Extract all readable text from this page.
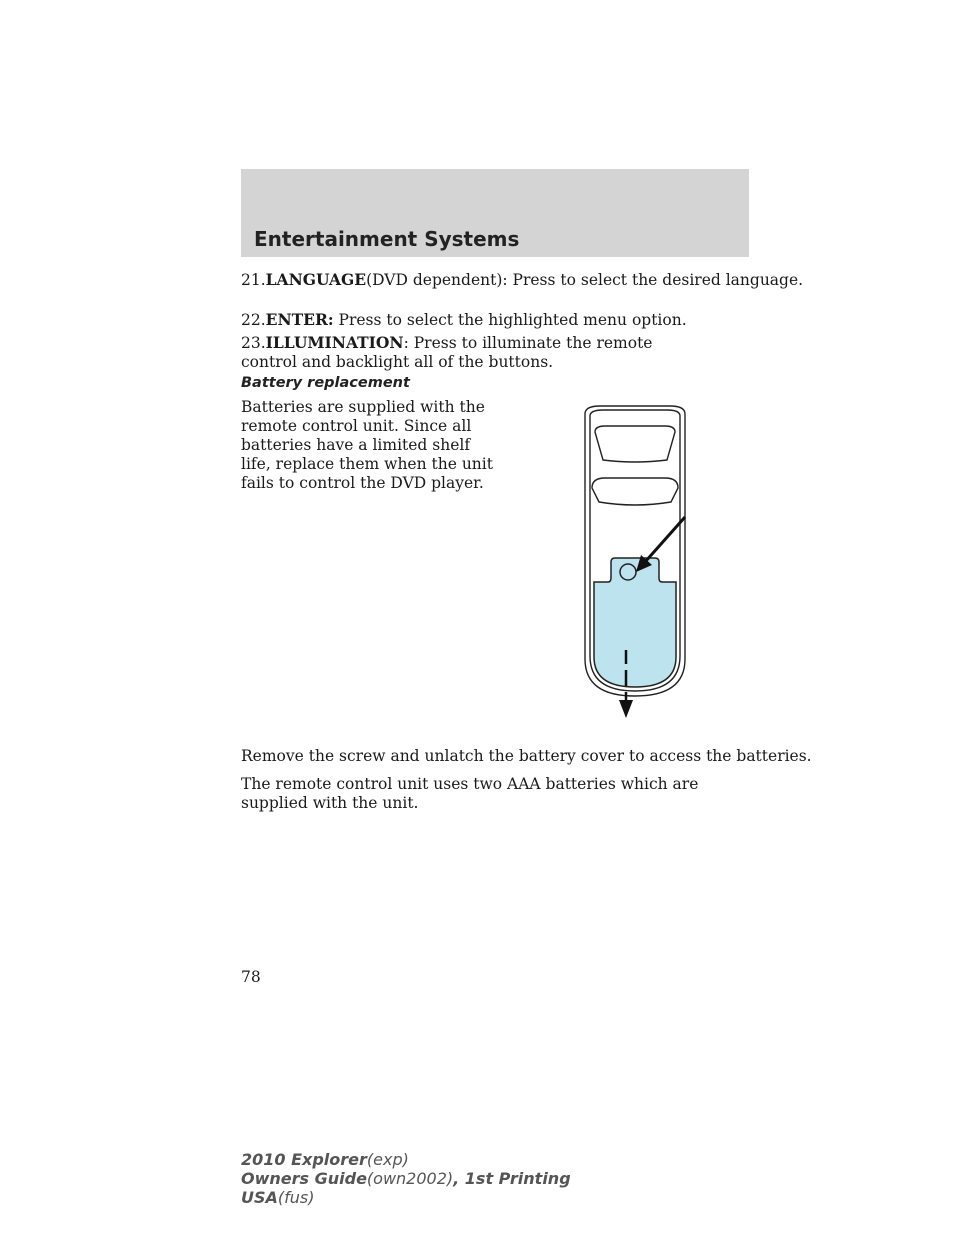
Entertainment Systems

21.LANGUAGE(DVD dependent): Press to select the desired language.

22.ENTER: Press to select the highlighted menu option.

23.ILLUMINATION: Press to illuminate the remote control and backlight all of the buttons.

Battery replacement

Batteries are supplied with the remote control unit. Since all batteries have a limited shelf life, replace them when the unit fails to control the DVD player.

Remove the screw and unlatch the battery cover to access the batteries.

The remote control unit uses two AAA batteries which are supplied with the unit.

78

2010 Explorer(exp)
Owners Guide(own2002), 1st Printing
USA(fus)
